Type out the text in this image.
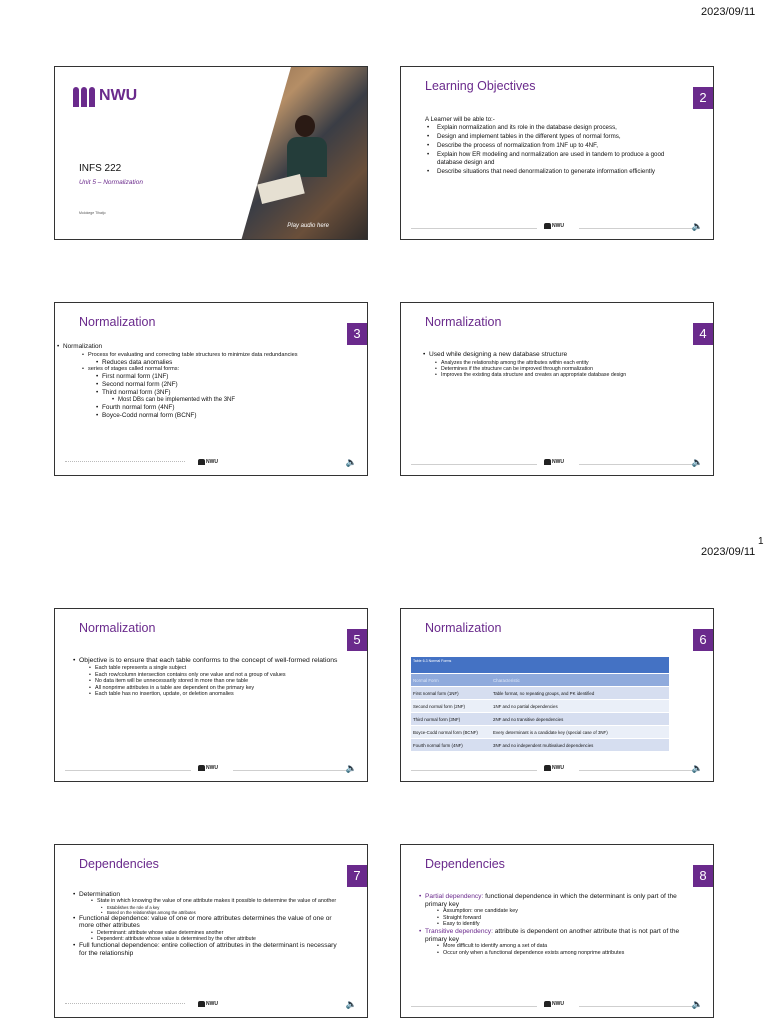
2023/09/11
1
2023/09/11
NWU
INFS 222
Unit 5 – Normalization
Molokege Tlhatjo
Play audio here
Learning Objectives
2
A Learner will be able to:-
• Explain normalization and its role in the database design process,
• Design and implement tables in the different types of normal forms,
• Describe the process of normalization from 1NF up to 4NF,
• Explain how ER modeling and normalization are used in tandem to produce a good database design and
• Describe situations that need denormalization to generate information efficiently
NWU	🔈
Normalization
3
• Normalization
• Process for evaluating and correcting table structures to minimize data redundancies
• Reduces data anomalies
• series of stages called normal forms:
• First normal form (1NF)
• Second normal form (2NF)
• Third normal form (3NF)
• Most DBs can be implemented with the 3NF
• Fourth normal form (4NF)
• Boyce-Codd normal form (BCNF)
NWU	🔈
Normalization
4
• Used while designing a new database structure
• Analyzes the relationship among the attributes within each entity
• Determines if the structure can be improved through normalization
• Improves the existing data structure and creates an appropriate database design
NWU	🔈
Normalization
5
• Objective is to ensure that each table conforms to the concept of well-formed relations
• Each table represents a single subject
• Each row/column intersection contains only one value and not a group of values
• No data item will be unnecessarily stored in more than one table
• All nonprime attributes in a table are dependent on the primary key
• Each table has no insertion, update, or deletion anomalies
NWU	🔈
Normalization
6
Table 6.3 Normal Forms	
Normal Form	Characteristic
First normal form (1NF)	Table format, no repeating groups, and PK identified
Second normal form (2NF)	1NF and no partial dependencies
Third normal form (3NF)	2NF and no transitive dependencies
Boyce-Codd normal form (BCNF)	Every determinant is a candidate key (special case of 3NF)
Fourth normal form (4NF)	3NF and no independent multivalued dependencies
NWU	🔈
Dependencies
7
• Determination
• State in which knowing the value of one attribute makes it possible to determine the value of another
• Establishes the role of a key
• Based on the relationships among the attributes
• Functional dependence: value of one or more attributes determines the value of one or more other attributes
• Determinant: attribute whose value determines another
• Dependent: attribute whose value is determined by the other attribute
• Full functional dependence: entire collection of attributes in the determinant is necessary for the relationship
NWU	🔈
Dependencies
8
• Partial dependency: functional dependence in which the determinant is only part of the primary key
• Assumption: one candidate key
• Straight forward
• Easy to identify
• Transitive dependency: attribute is dependent on another attribute that is not part of the primary key
• More difficult to identify among a set of data
• Occur only when a functional dependence exists among nonprime attributes
NWU	🔈
